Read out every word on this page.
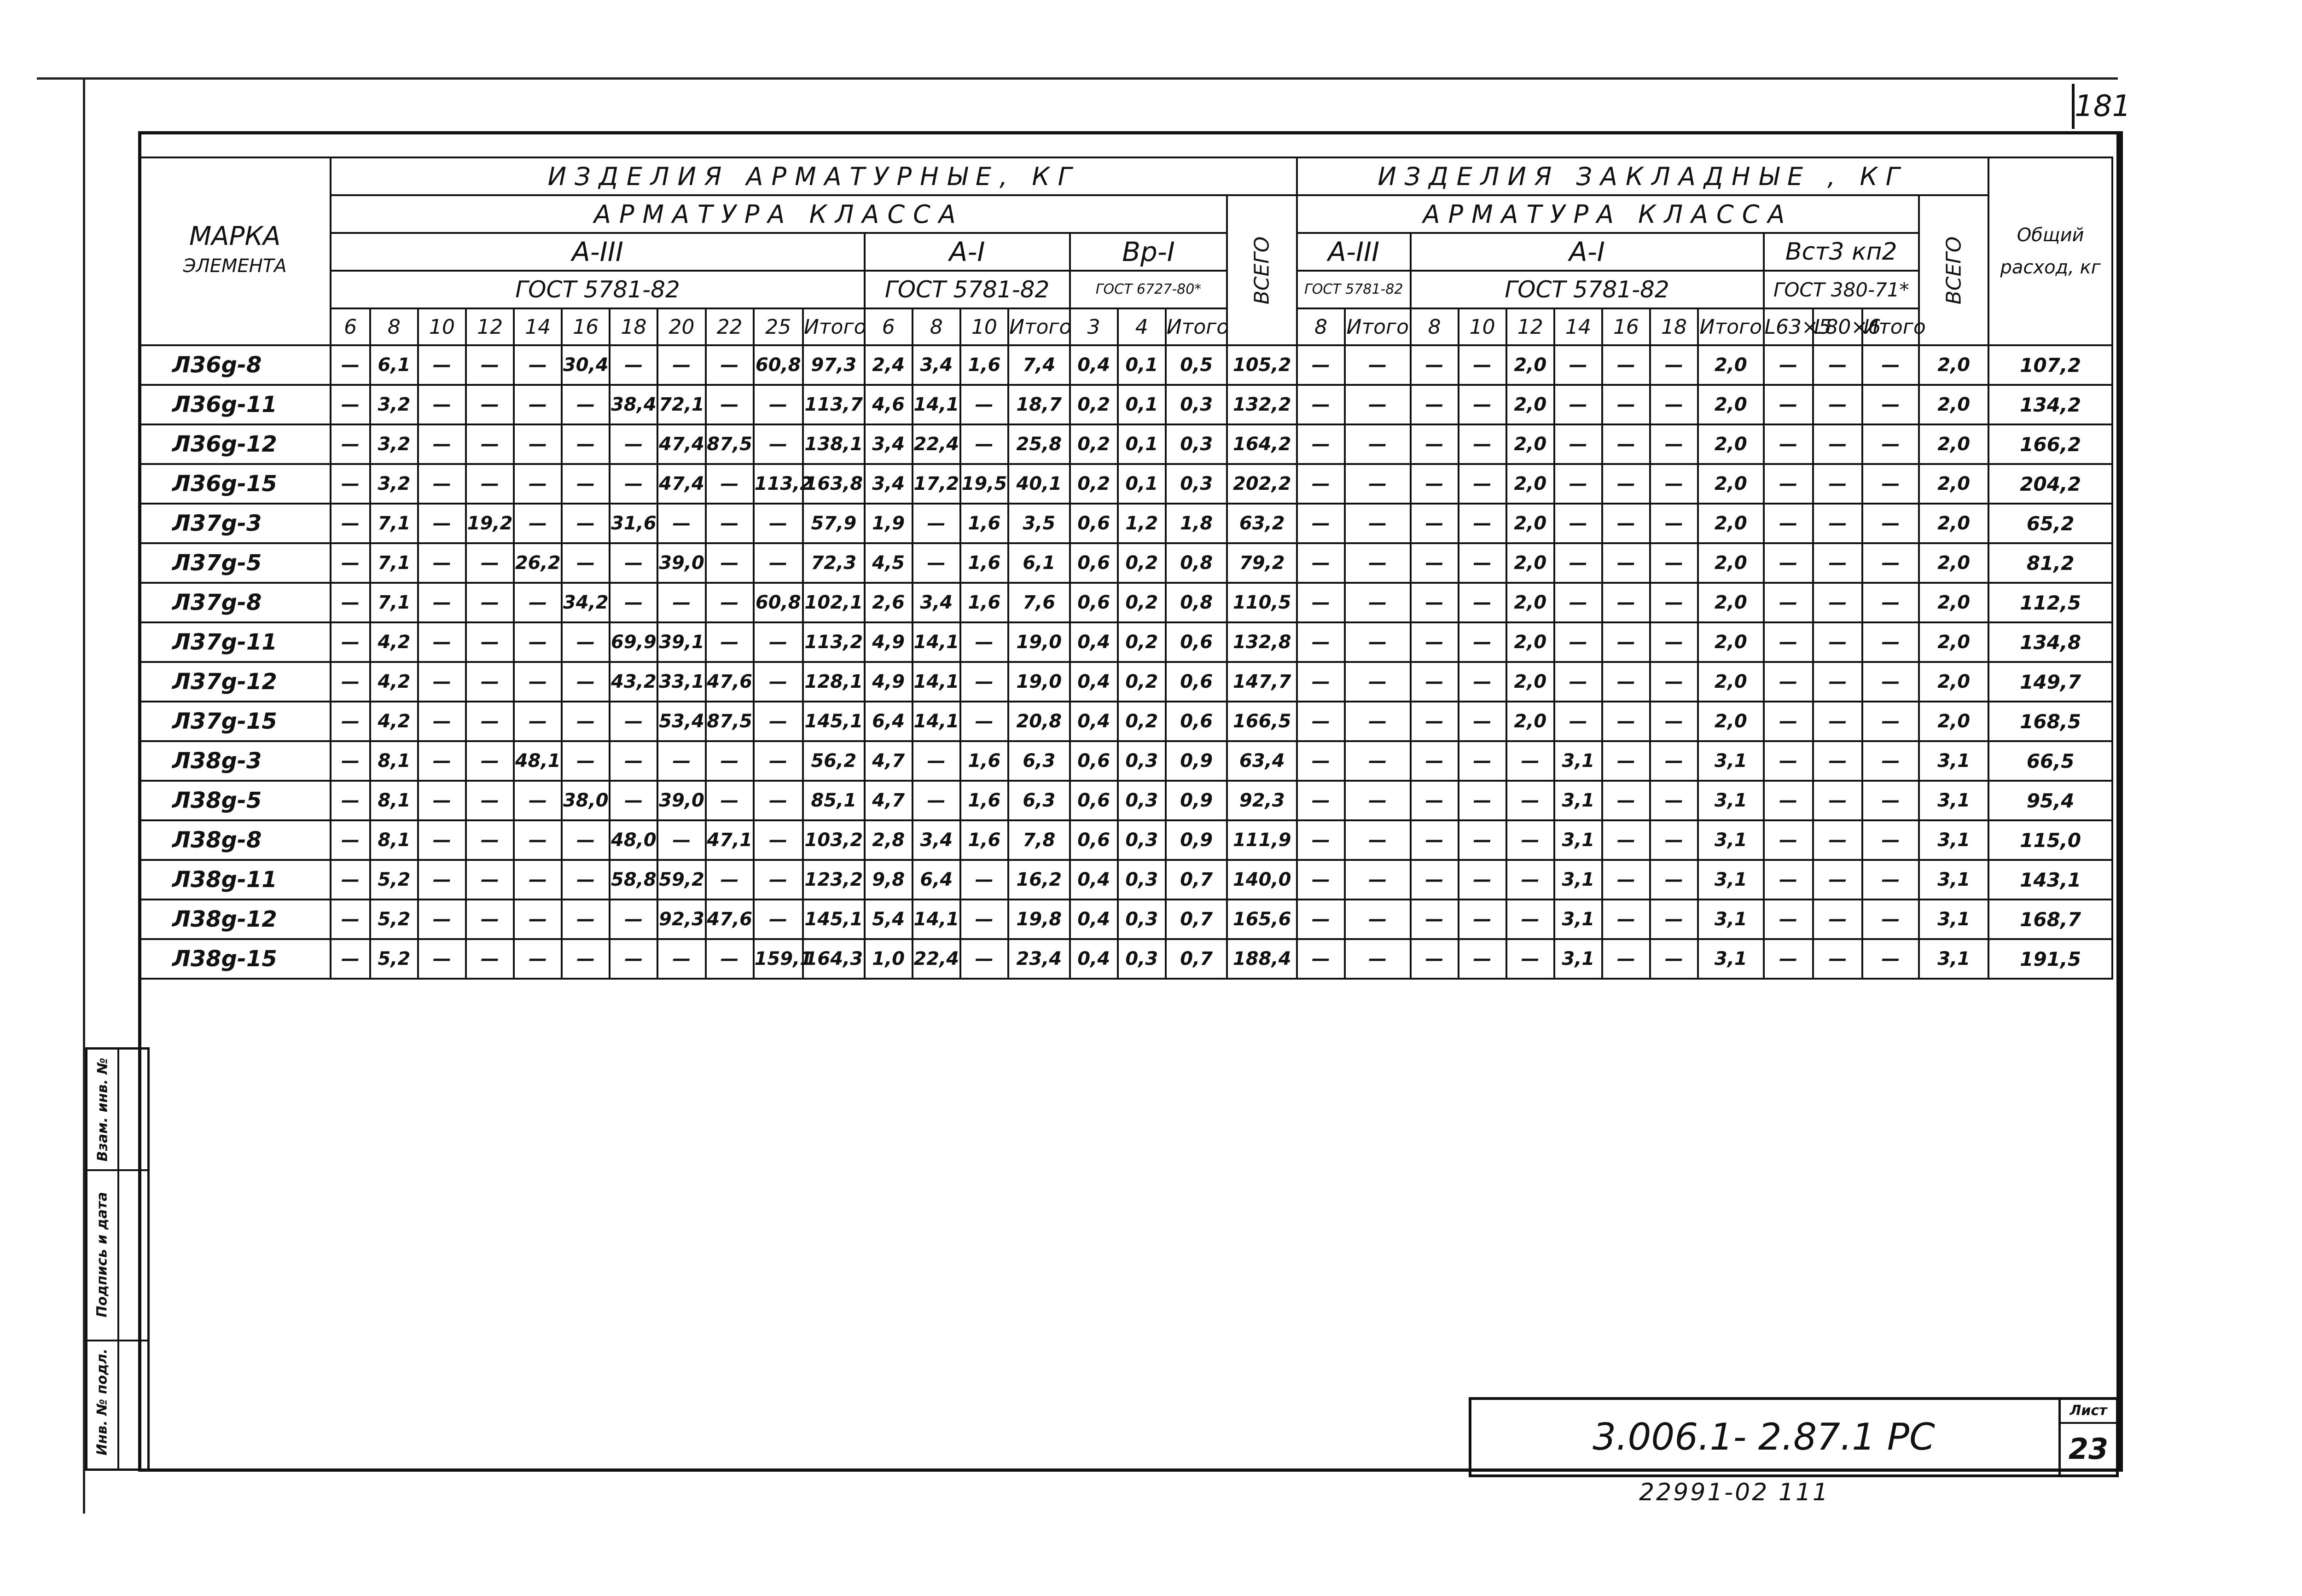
181
МАРКА
ЭЛЕМЕНТА	ИЗДЕЛИЯ АРМАТУРНЫЕ, КГ																			ИЗДЕЛИЯ ЗАКЛАДНЫЕ , КГ													Общий расход, кг
	АРМАТУРА КЛАССА																		ВСЕГО	АРМАТУРА КЛАССА												ВСЕГО	
	А-III											А-I				Вр-I				А-III		А-I							Вст3 кп2				
	ГОСТ 5781-82											ГОСТ 5781-82				ГОСТ 6727-80*				ГОСТ 5781-82		ГОСТ 5781-82							ГОСТ 380-71*				
	6	8	10	12	14	16	18	20	22	25	Итого	6	8	10	Итого	3	4	Итого		8	Итого	8	10	12	14	16	18	Итого	L63×5	L80×6	Итого		
Л36g-8	—	6,1	—	—	—	30,4	—	—	—	60,8	97,3	2,4	3,4	1,6	7,4	0,4	0,1	0,5	105,2	—	—	—	—	2,0	—	—	—	2,0	—	—	—	2,0	107,2
Л36g-11	—	3,2	—	—	—	—	38,4	72,1	—	—	113,7	4,6	14,1	—	18,7	0,2	0,1	0,3	132,2	—	—	—	—	2,0	—	—	—	2,0	—	—	—	2,0	134,2
Л36g-12	—	3,2	—	—	—	—	—	47,4	87,5	—	138,1	3,4	22,4	—	25,8	0,2	0,1	0,3	164,2	—	—	—	—	2,0	—	—	—	2,0	—	—	—	2,0	166,2
Л36g-15	—	3,2	—	—	—	—	—	47,4	—	113,2	163,8	3,4	17,2	19,5	40,1	0,2	0,1	0,3	202,2	—	—	—	—	2,0	—	—	—	2,0	—	—	—	2,0	204,2
Л37g-3	—	7,1	—	19,2	—	—	31,6	—	—	—	57,9	1,9	—	1,6	3,5	0,6	1,2	1,8	63,2	—	—	—	—	2,0	—	—	—	2,0	—	—	—	2,0	65,2
Л37g-5	—	7,1	—	—	26,2	—	—	39,0	—	—	72,3	4,5	—	1,6	6,1	0,6	0,2	0,8	79,2	—	—	—	—	2,0	—	—	—	2,0	—	—	—	2,0	81,2
Л37g-8	—	7,1	—	—	—	34,2	—	—	—	60,8	102,1	2,6	3,4	1,6	7,6	0,6	0,2	0,8	110,5	—	—	—	—	2,0	—	—	—	2,0	—	—	—	2,0	112,5
Л37g-11	—	4,2	—	—	—	—	69,9	39,1	—	—	113,2	4,9	14,1	—	19,0	0,4	0,2	0,6	132,8	—	—	—	—	2,0	—	—	—	2,0	—	—	—	2,0	134,8
Л37g-12	—	4,2	—	—	—	—	43,2	33,1	47,6	—	128,1	4,9	14,1	—	19,0	0,4	0,2	0,6	147,7	—	—	—	—	2,0	—	—	—	2,0	—	—	—	2,0	149,7
Л37g-15	—	4,2	—	—	—	—	—	53,4	87,5	—	145,1	6,4	14,1	—	20,8	0,4	0,2	0,6	166,5	—	—	—	—	2,0	—	—	—	2,0	—	—	—	2,0	168,5
Л38g-3	—	8,1	—	—	48,1	—	—	—	—	—	56,2	4,7	—	1,6	6,3	0,6	0,3	0,9	63,4	—	—	—	—	—	3,1	—	—	3,1	—	—	—	3,1	66,5
Л38g-5	—	8,1	—	—	—	38,0	—	39,0	—	—	85,1	4,7	—	1,6	6,3	0,6	0,3	0,9	92,3	—	—	—	—	—	3,1	—	—	3,1	—	—	—	3,1	95,4
Л38g-8	—	8,1	—	—	—	—	48,0	—	47,1	—	103,2	2,8	3,4	1,6	7,8	0,6	0,3	0,9	111,9	—	—	—	—	—	3,1	—	—	3,1	—	—	—	3,1	115,0
Л38g-11	—	5,2	—	—	—	—	58,8	59,2	—	—	123,2	9,8	6,4	—	16,2	0,4	0,3	0,7	140,0	—	—	—	—	—	3,1	—	—	3,1	—	—	—	3,1	143,1
Л38g-12	—	5,2	—	—	—	—	—	92,3	47,6	—	145,1	5,4	14,1	—	19,8	0,4	0,3	0,7	165,6	—	—	—	—	—	3,1	—	—	3,1	—	—	—	3,1	168,7
Л38g-15	—	5,2	—	—	—	—	—	—	—	159,1	164,3	1,0	22,4	—	23,4	0,4	0,3	0,7	188,4	—	—	—	—	—	3,1	—	—	3,1	—	—	—	3,1	191,5

Взам. инв. №
Подпись и дата
Инв. № подл.	3.006.1- 2.87.1 РС
Лист
23
22991-02 111
